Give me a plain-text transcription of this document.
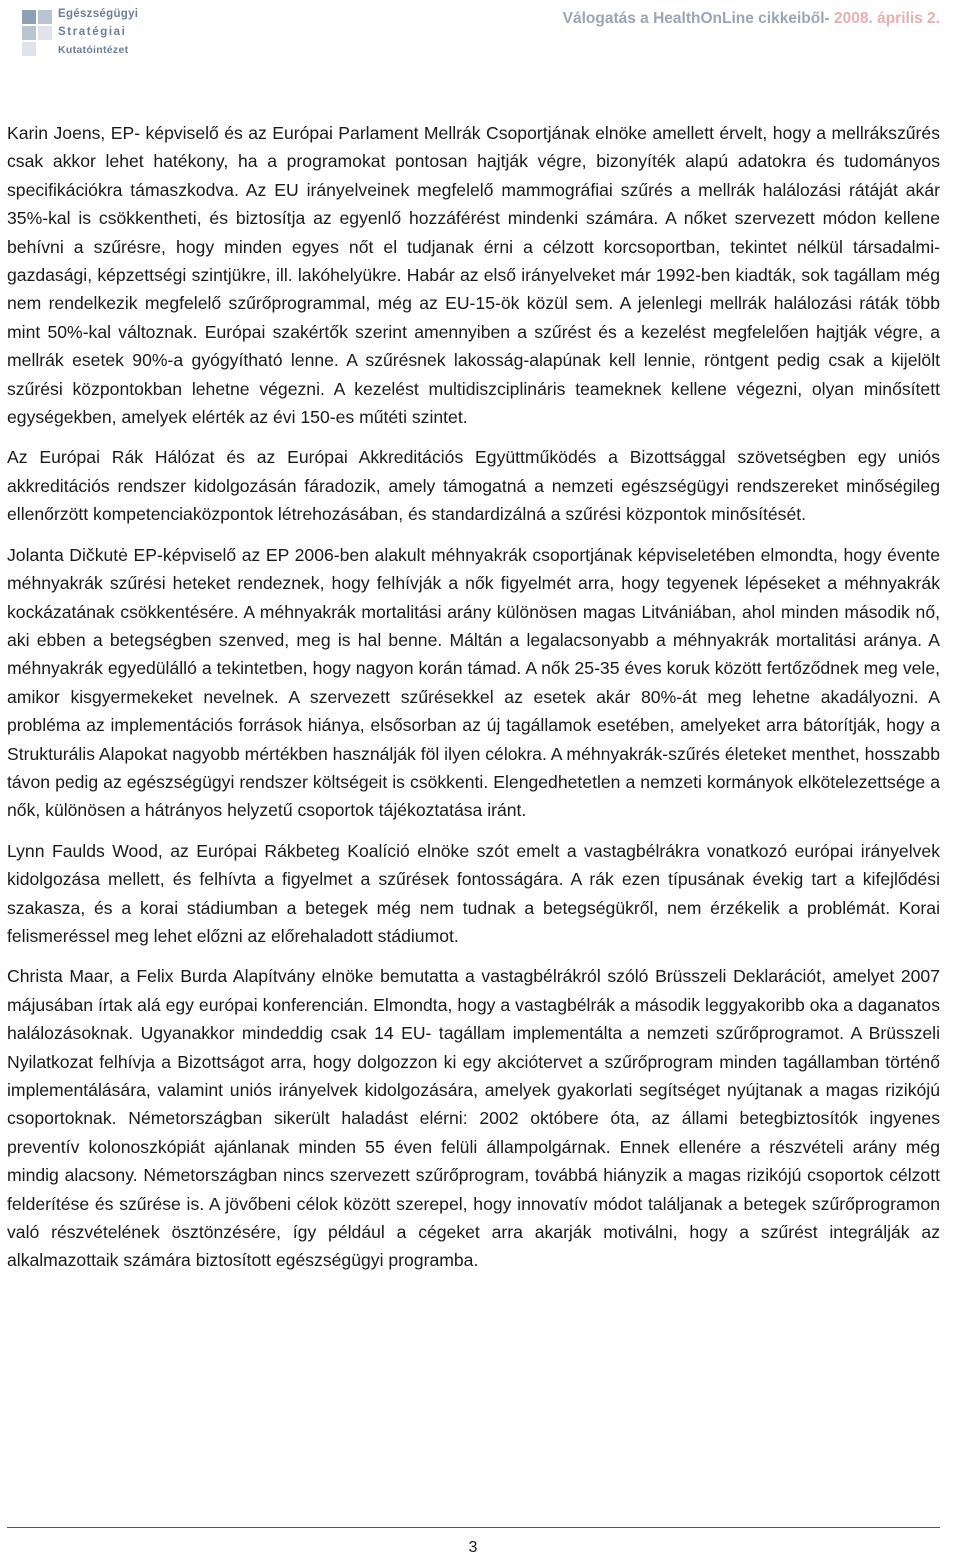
Egészségügyi
Stratégiai
Kutatóintézet
Válogatás a HealthOnLine cikkeiből- 2008. április 2.

Karin Joens, EP- képviselő és az Európai Parlament Mellrák Csoportjának elnöke amellett érvelt, hogy a mellrákszűrés csak akkor lehet hatékony, ha a programokat pontosan hajtják végre, bizonyíték alapú adatokra és tudományos specifikációkra támaszkodva. Az EU irányelveinek megfelelő mammográfiai szűrés a mellrák halálozási rátáját akár 35%-kal is csökkentheti, és biztosítja az egyenlő hozzáférést mindenki számára. A nőket szervezett módon kellene behívni a szűrésre, hogy minden egyes nőt el tudjanak érni a célzott korcsoportban, tekintet nélkül társadalmi-gazdasági, képzettségi szintjükre, ill. lakóhelyükre. Habár az első irányelveket már 1992-ben kiadták, sok tagállam még nem rendelkezik megfelelő szűrőprogrammal, még az EU-15-ök közül sem. A jelenlegi mellrák halálozási ráták több mint 50%-kal változnak. Európai szakértők szerint amennyiben a szűrést és a kezelést megfelelően hajtják végre, a mellrák esetek 90%-a gyógyítható lenne. A szűrésnek lakosság-alapúnak kell lennie, röntgent pedig csak a kijelölt szűrési központokban lehetne végezni. A kezelést multidiszciplináris teameknek kellene végezni, olyan minősített egységekben, amelyek elérték az évi 150-es műtéti szintet.

Az Európai Rák Hálózat és az Európai Akkreditációs Együttműködés a Bizottsággal szövetségben egy uniós akkreditációs rendszer kidolgozásán fáradozik, amely támogatná a nemzeti egészségügyi rendszereket minőségileg ellenőrzött kompetenciaközpontok létrehozásában, és standardizálná a szűrési központok minősítését.

Jolanta Dičkutė EP-képviselő az EP 2006-ben alakult méhnyakrák csoportjának képviseletében elmondta, hogy évente méhnyakrák szűrési heteket rendeznek, hogy felhívják a nők figyelmét arra, hogy tegyenek lépéseket a méhnyakrák kockázatának csökkentésére. A méhnyakrák mortalitási arány különösen magas Litvániában, ahol minden második nő, aki ebben a betegségben szenved, meg is hal benne. Máltán a legalacsonyabb a méhnyakrák mortalitási aránya. A méhnyakrák egyedülálló a tekintetben, hogy nagyon korán támad. A nők 25-35 éves koruk között fertőződnek meg vele, amikor kisgyermekeket nevelnek. A szervezett szűrésekkel az esetek akár 80%-át meg lehetne akadályozni. A probléma az implementációs források hiánya, elsősorban az új tagállamok esetében, amelyeket arra bátorítják, hogy a Strukturális Alapokat nagyobb mértékben használják föl ilyen célokra. A méhnyakrák-szűrés életeket menthet, hosszabb távon pedig az egészségügyi rendszer költségeit is csökkenti. Elengedhetetlen a nemzeti kormányok elkötelezettsége a nők, különösen a hátrányos helyzetű csoportok tájékoztatása iránt.

Lynn Faulds Wood, az Európai Rákbeteg Koalíció elnöke szót emelt a vastagbélrákra vonatkozó európai irányelvek kidolgozása mellett, és felhívta a figyelmet a szűrések fontosságára. A rák ezen típusának évekig tart a kifejlődési szakasza, és a korai stádiumban a betegek még nem tudnak a betegségükről, nem érzékelik a problémát. Korai felismeréssel meg lehet előzni az előrehaladott stádiumot.

Christa Maar, a Felix Burda Alapítvány elnöke bemutatta a vastagbélrákról szóló Brüsszeli Deklarációt, amelyet 2007 májusában írtak alá egy európai konferencián. Elmondta, hogy a vastagbélrák a második leggyakoribb oka a daganatos halálozásoknak. Ugyanakkor mindeddig csak 14 EU- tagállam implementálta a nemzeti szűrőprogramot. A Brüsszeli Nyilatkozat felhívja a Bizottságot arra, hogy dolgozzon ki egy akciótervet a szűrőprogram minden tagállamban történő implementálására, valamint uniós irányelvek kidolgozására, amelyek gyakorlati segítséget nyújtanak a magas rizikójú csoportoknak. Németországban sikerült haladást elérni: 2002 októbere óta, az állami betegbiztosítók ingyenes preventív kolonoszkópiát ajánlanak minden 55 éven felüli állampolgárnak. Ennek ellenére a részvételi arány még mindig alacsony. Németországban nincs szervezett szűrőprogram, továbbá hiányzik a magas rizikójú csoportok célzott felderítése és szűrése is. A jövőbeni célok között szerepel, hogy innovatív módot találjanak a betegek szűrőprogramon való részvételének ösztönzésére, így például a cégeket arra akarják motiválni, hogy a szűrést integrálják az alkalmazottaik számára biztosított egészségügyi programba.

3
